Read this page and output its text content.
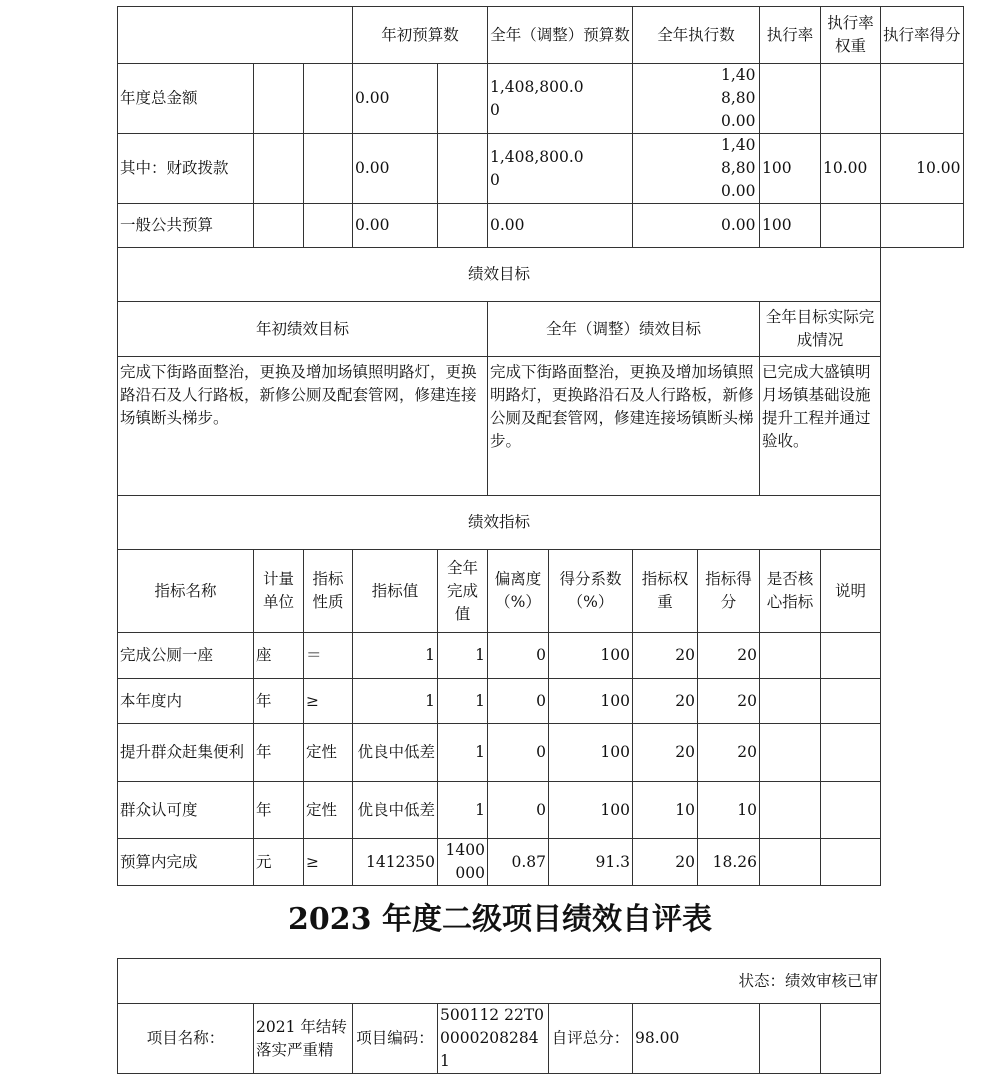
			年初预算数		全年（调整）预算数		全年执行数		执行率	执行率权重	执行率得分
年度总金额			0.00		1,408,800.00		1,408,800.00				
其中：财政拨款			0.00		1,408,800.00		1,408,800.00		100	10.00	10.00
一般公共预算			0.00		0.00		0.00		100		
绩效目标											
年初绩效目标					全年（调整）绩效目标				全年目标实际完成情况		
完成下街路面整治，更换及增加场镇照明路灯，更换路沿石及人行路板，新修公厕及配套管网，修建连接场镇断头梯步。					完成下街路面整治，更换及增加场镇照明路灯，更换路沿石及人行路板，新修公厕及配套管网，修建连接场镇断头梯步。				已完成大盛镇明月场镇基础设施提升工程并通过验收。		
绩效指标											
指标名称	计量单位	指标性质	指标值	全年完成值	偏离度（%）	得分系数（%）	指标权重	指标得分	是否核心指标	说明	
完成公厕一座	座	＝	1	1	0	100	20	20			
本年度内	年	≥	1	1	0	100	20	20			
提升群众赶集便利	年	定性	优良中低差	1	0	100	20	20			
群众认可度	年	定性	优良中低差	1	0	100	10	10			
预算内完成	元	≥	1412350	1400000	0.87	91.3	20	18.26			
2023 年度二级项目绩效自评表
状态：绩效审核已审
项目名称：	2021 年结转落实严重精	项目编码：	500112 22T000002082841	自评总分：	98.00		
